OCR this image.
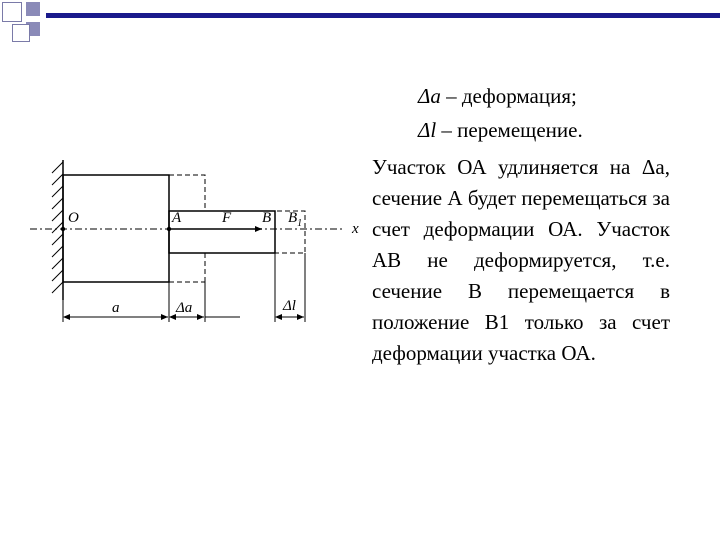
Δa – деформация;
Δl – перемещение.

Участок ОА удлиняется на Δa, сечение А будет перемещаться за счет деформации ОА. Участок АВ не деформируется, т.е. сечение В перемещается в положение В1 только за счет деформации участка ОА.

O	A	F B $B_1$	x
a	Δa	Δl
